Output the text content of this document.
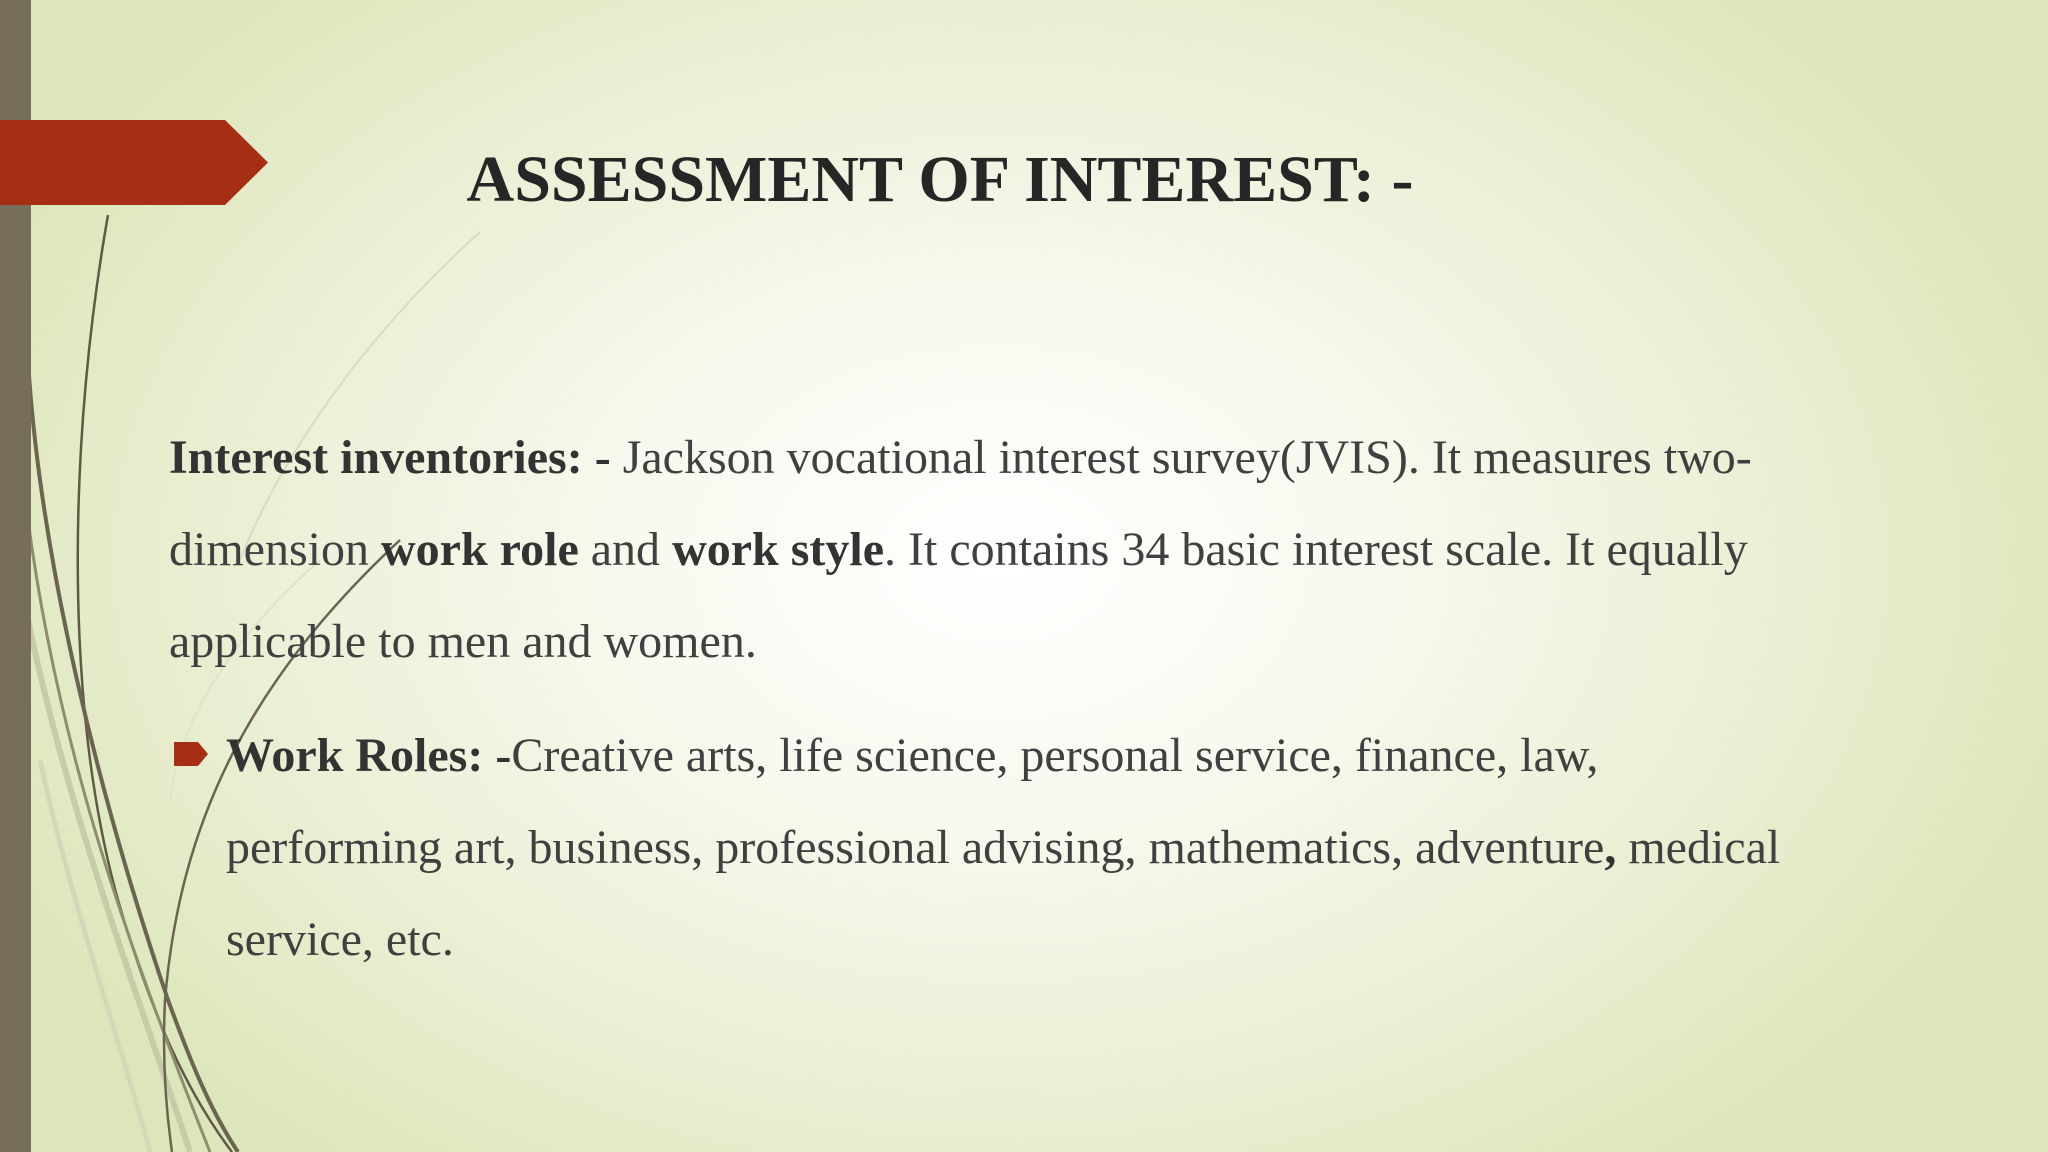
ASSESSMENT OF INTEREST: -

Interest inventories: - Jackson vocational interest survey(JVIS). It measures two-dimension work role and work style. It contains 34 basic interest scale. It equally applicable to men and women.

Work Roles: -Creative arts, life science, personal service, finance, law, performing art, business, professional advising, mathematics, adventure, medical service, etc.
